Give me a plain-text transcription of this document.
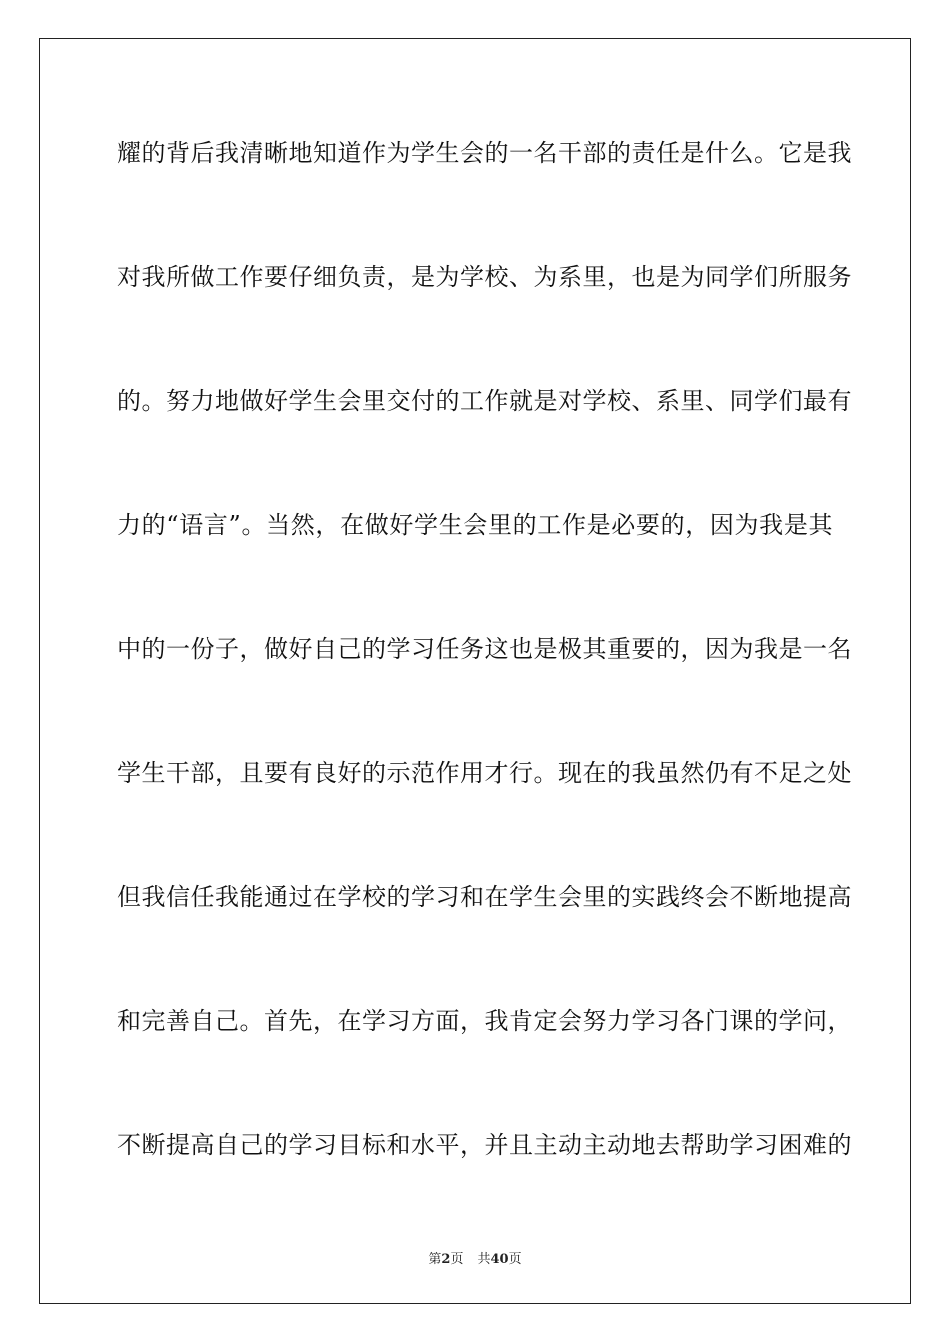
耀的背后我清晰地知道作为学生会的一名干部的责任是什么。它是我
对我所做工作要仔细负责，是为学校、为系里，也是为同学们所服务
的。努力地做好学生会里交付的工作就是对学校、系里、同学们最有
力的“语言”。当然，在做好学生会里的工作是必要的，因为我是其
中的一份子，做好自己的学习任务这也是极其重要的，因为我是一名
学生干部，且要有良好的示范作用才行。现在的我虽然仍有不足之处
但我信任我能通过在学校的学习和在学生会里的实践终会不断地提高
和完善自己。首先，在学习方面，我肯定会努力学习各门课的学问，
不断提高自己的学习目标和水平，并且主动主动地去帮助学习困难的
第2页 共40页
